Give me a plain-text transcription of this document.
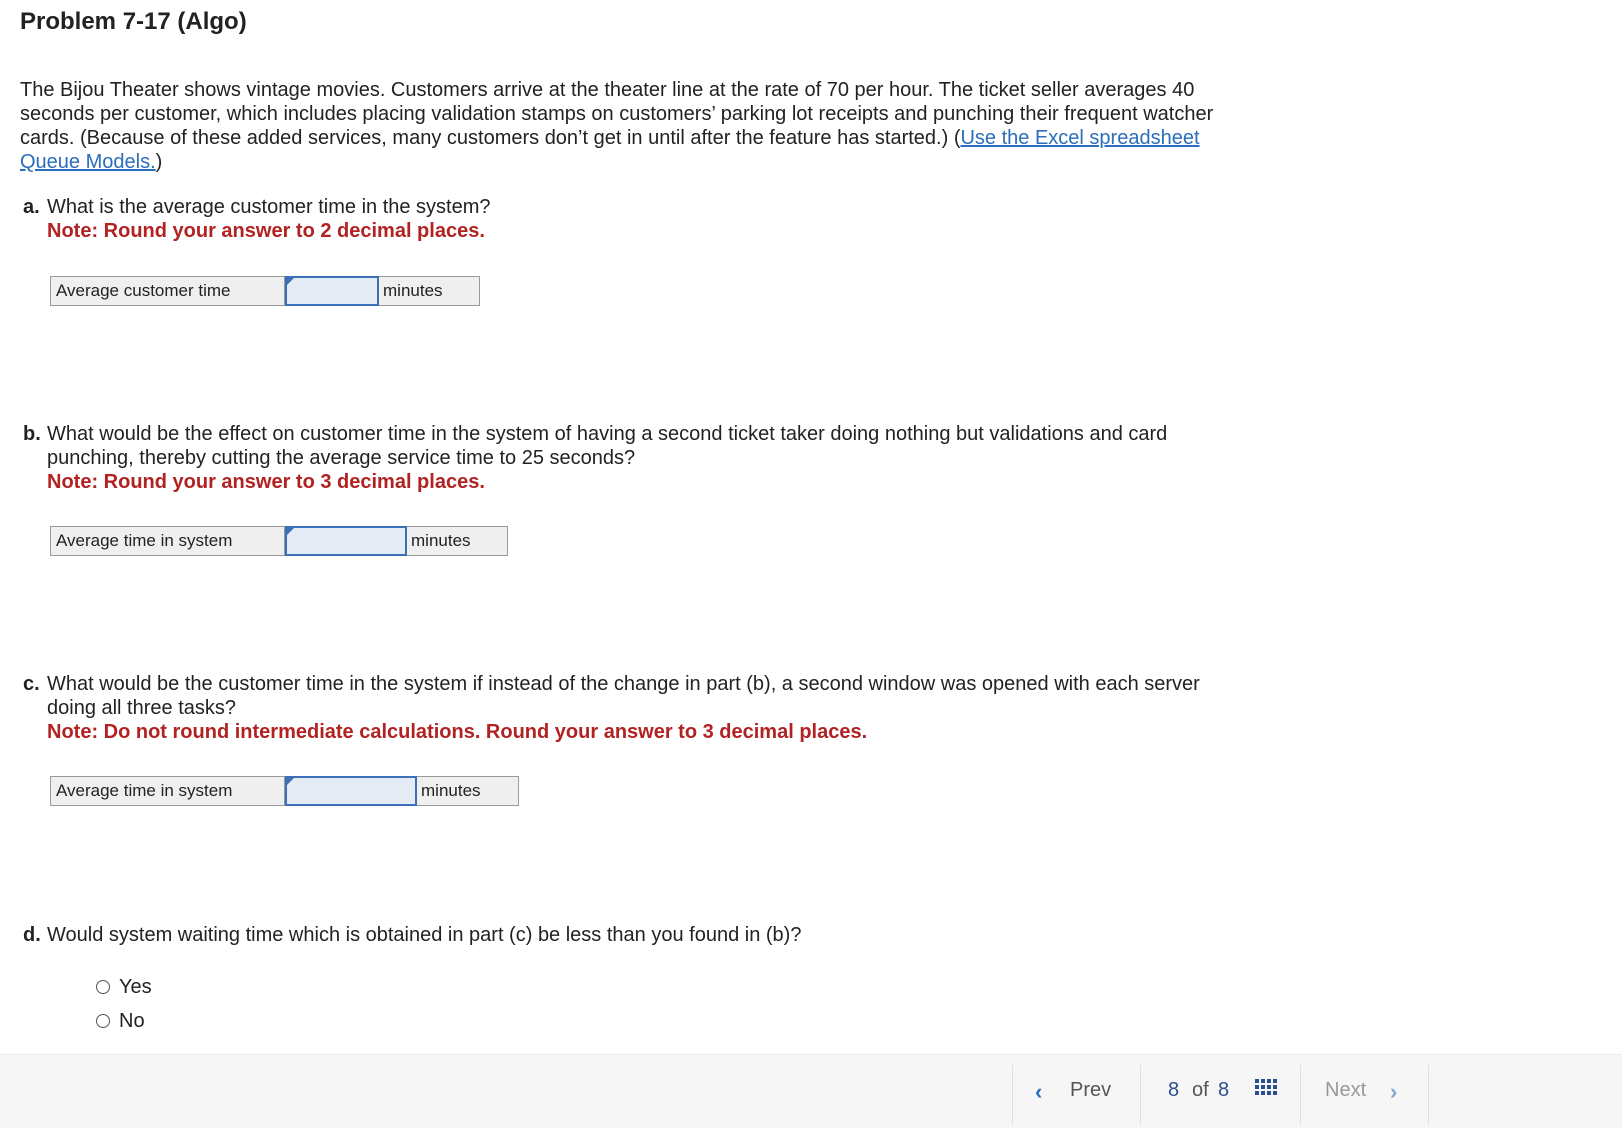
Problem 7-17 (Algo)

The Bijou Theater shows vintage movies. Customers arrive at the theater line at the rate of 70 per hour. The ticket seller averages 40 seconds per customer, which includes placing validation stamps on customers’ parking lot receipts and punching their frequent watcher cards. (Because of these added services, many customers don’t get in until after the feature has started.) (Use the Excel spreadsheet Queue Models.)

a. What is the average customer time in the system?
Note: Round your answer to 2 decimal places.
Average customer time	minutes
b. What would be the effect on customer time in the system of having a second ticket taker doing nothing but validations and card punching, thereby cutting the average service time to 25 seconds?
Note: Round your answer to 3 decimal places.
Average time in system	minutes
c. What would be the customer time in the system if instead of the change in part (b), a second window was opened with each server doing all three tasks?
Note: Do not round intermediate calculations. Round your answer to 3 decimal places.
Average time in system	minutes
d. Would system waiting time which is obtained in part (c) be less than you found in (b)?
Yes
No
‹ Prev	8 of 8	Next ›
